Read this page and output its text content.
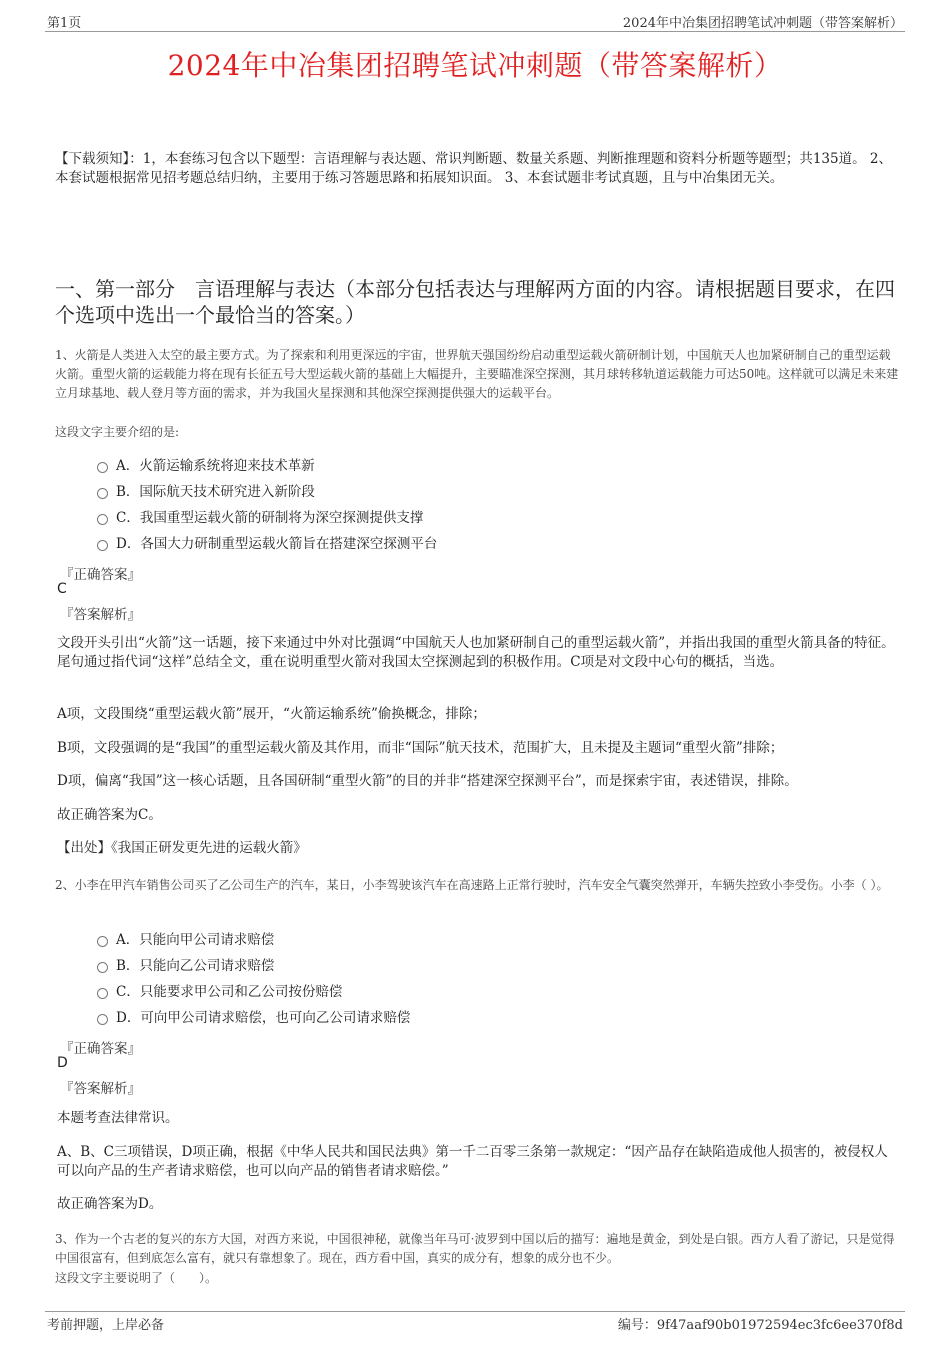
第1页	2024年中冶集团招聘笔试冲刺题（带答案解析）
2024年中冶集团招聘笔试冲刺题（带答案解析）
【下载须知】：1，本套练习包含以下题型：言语理解与表达题、常识判断题、数量关系题、判断推理题和资料分析题等题型；共135道。 2、本套试题根据常见招考题总结归纳，主要用于练习答题思路和拓展知识面。 3、本套试题非考试真题，且与中冶集团无关。
一、第一部分　言语理解与表达（本部分包括表达与理解两方面的内容。请根据题目要求，在四个选项中选出一个最恰当的答案。）
1、火箭是人类进入太空的最主要方式。为了探索和利用更深远的宇宙，世界航天强国纷纷启动重型运载火箭研制计划，中国航天人也加紧研制自己的重型运载火箭。重型火箭的运载能力将在现有长征五号大型运载火箭的基础上大幅提升，主要瞄准深空探测，其月球转移轨道运载能力可达50吨。这样就可以满足未来建立月球基地、载人登月等方面的需求，并为我国火星探测和其他深空探测提供强大的运载平台。
这段文字主要介绍的是:
A．火箭运输系统将迎来技术革新
B．国际航天技术研究进入新阶段
C．我国重型运载火箭的研制将为深空探测提供支撑
D．各国大力研制重型运载火箭旨在搭建深空探测平台
『正确答案』
C
『答案解析』
文段开头引出“火箭”这一话题，接下来通过中外对比强调“中国航天人也加紧研制自己的重型运载火箭”，并指出我国的重型火箭具备的特征。尾句通过指代词“这样”总结全文，重在说明重型火箭对我国太空探测起到的积极作用。C项是对文段中心句的概括，当选。
A项，文段围绕“重型运载火箭”展开，“火箭运输系统”偷换概念，排除；
B项，文段强调的是“我国”的重型运载火箭及其作用，而非“国际”航天技术，范围扩大，且未提及主题词“重型火箭”排除；
D项，偏离“我国”这一核心话题，且各国研制“重型火箭”的目的并非“搭建深空探测平台”，而是探索宇宙，表述错误，排除。
故正确答案为C。
【出处】《我国正研发更先进的运载火箭》
2、小李在甲汽车销售公司买了乙公司生产的汽车，某日，小李驾驶该汽车在高速路上正常行驶时，汽车安全气囊突然弹开，车辆失控致小李受伤。小李（ ）。
A．只能向甲公司请求赔偿
B．只能向乙公司请求赔偿
C．只能要求甲公司和乙公司按份赔偿
D．可向甲公司请求赔偿，也可向乙公司请求赔偿
『正确答案』
D
『答案解析』
本题考查法律常识。
A、B、C三项错误，D项正确，根据《中华人民共和国民法典》第一千二百零三条第一款规定：“因产品存在缺陷造成他人损害的，被侵权人可以向产品的生产者请求赔偿，也可以向产品的销售者请求赔偿。”
故正确答案为D。
3、作为一个古老的复兴的东方大国，对西方来说，中国很神秘，就像当年马可·波罗到中国以后的描写：遍地是黄金，到处是白银。西方人看了游记，只是觉得中国很富有，但到底怎么富有，就只有靠想象了。现在，西方看中国，真实的成分有，想象的成分也不少。
这段文字主要说明了（　　）。
考前押题，上岸必备	编号：9f47aaf90b01972594ec3fc6ee370f8d
